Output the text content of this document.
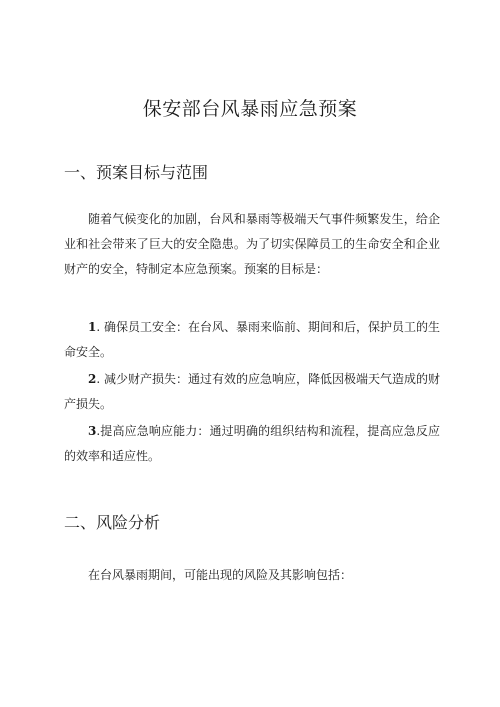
保安部台风暴雨应急预案
一、预案目标与范围

随着气候变化的加剧，台风和暴雨等极端天气事件频繁发生，给企业和社会带来了巨大的安全隐患。为了切实保障员工的生命安全和企业财产的安全，特制定本应急预案。预案的目标是：

1. 确保员工安全：在台风、暴雨来临前、期间和后，保护员工的生命安全。

2. 减少财产损失：通过有效的应急响应，降低因极端天气造成的财产损失。

3.提高应急响应能力：通过明确的组织结构和流程，提高应急反应的效率和适应性。

二、风险分析

在台风暴雨期间，可能出现的风险及其影响包括：
